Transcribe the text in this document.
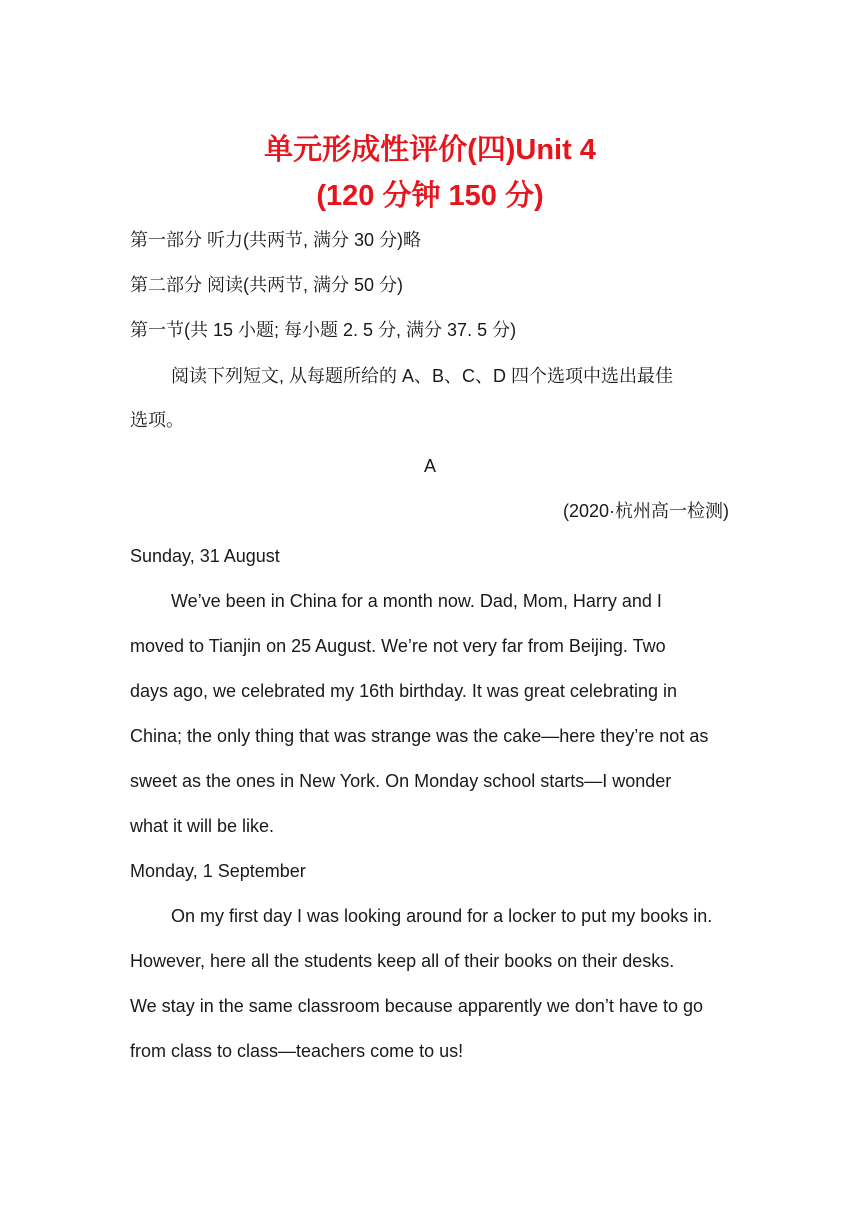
单元形成性评价(四)Unit 4
(120 分钟 150 分)

第一部分 听力(共两节, 满分 30 分)略

第二部分 阅读(共两节, 满分 50 分)

第一节(共 15 小题; 每小题 2. 5 分, 满分 37. 5 分)

阅读下列短文, 从每题所给的 A、B、C、D 四个选项中选出最佳

选项。

A

(2020·杭州高一检测)

Sunday, 31 August

We’ve been in China for a month now. Dad, Mom, Harry and I

moved to Tianjin on 25 August. We’re not very far from Beijing. Two

days ago, we celebrated my 16th birthday. It was great celebrating in

China; the only thing that was strange was the cake—here they’re not as

sweet as the ones in New York. On Monday school starts—I wonder

what it will be like.

Monday, 1 September

On my first day I was looking around for a locker to put my books in.

However, here all the students keep all of their books on their desks.

We stay in the same classroom because apparently we don’t have to go

from class to class—teachers come to us!
